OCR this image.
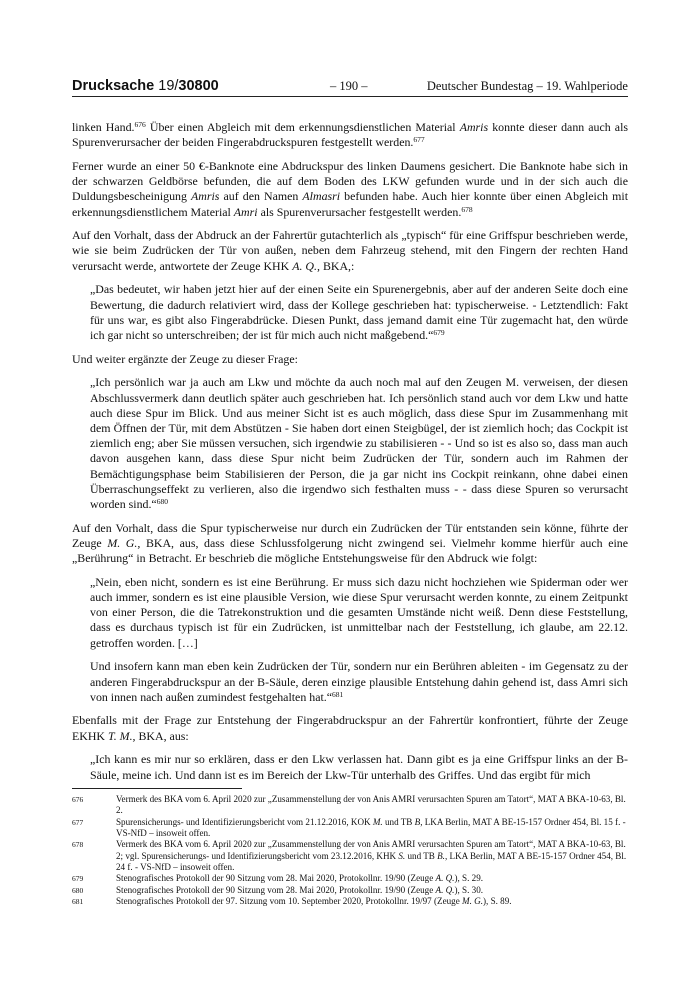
Drucksache 19/30800	– 190 –	Deutscher Bundestag – 19. Wahlperiode

linken Hand.$^{676}$ Über einen Abgleich mit dem erkennungsdienstlichen Material Amris konnte dieser dann auch als Spurenverursacher der beiden Fingerabdruckspuren festgestellt werden.$^{677}$

Ferner wurde an einer 50 €-Banknote eine Abdruckspur des linken Daumens gesichert. Die Banknote habe sich in der schwarzen Geldbörse befunden, die auf dem Boden des LKW gefunden wurde und in der sich auch die Duldungsbescheinigung Amris auf den Namen Almasri befunden habe. Auch hier konnte über einen Abgleich mit erkennungsdienstlichem Material Amri als Spurenverursacher festgestellt werden.$^{678}$

Auf den Vorhalt, dass der Abdruck an der Fahrertür gutachterlich als „typisch“ für eine Griffspur beschrieben werde, wie sie beim Zudrücken der Tür von außen, neben dem Fahrzeug stehend, mit den Fingern der rechten Hand verursacht werde, antwortete der Zeuge KHK A. Q., BKA,:

„Das bedeutet, wir haben jetzt hier auf der einen Seite ein Spurenergebnis, aber auf der anderen Seite doch eine Bewertung, die dadurch relativiert wird, dass der Kollege geschrieben hat: typischerweise. - Letztendlich: Fakt für uns war, es gibt also Fingerabdrücke. Diesen Punkt, dass jemand damit eine Tür zugemacht hat, den würde ich gar nicht so unterschreiben; der ist für mich auch nicht maßgebend.“$^{679}$

Und weiter ergänzte der Zeuge zu dieser Frage:

„Ich persönlich war ja auch am Lkw und möchte da auch noch mal auf den Zeugen M. verweisen, der diesen Abschlussvermerk dann deutlich später auch geschrieben hat. Ich persönlich stand auch vor dem Lkw und hatte auch diese Spur im Blick. Und aus meiner Sicht ist es auch möglich, dass diese Spur im Zusammenhang mit dem Öffnen der Tür, mit dem Abstützen - Sie haben dort einen Steigbügel, der ist ziemlich hoch; das Cockpit ist ziemlich eng; aber Sie müssen versuchen, sich irgendwie zu stabilisieren - - Und so ist es also so, dass man auch davon ausgehen kann, dass diese Spur nicht beim Zudrücken der Tür, sondern auch im Rahmen der Bemächtigungsphase beim Stabilisieren der Person, die ja gar nicht ins Cockpit reinkann, ohne dabei einen Überraschungseffekt zu verlieren, also die irgendwo sich festhalten muss - - dass diese Spuren so verursacht worden sind.“$^{680}$

Auf den Vorhalt, dass die Spur typischerweise nur durch ein Zudrücken der Tür entstanden sein könne, führte der Zeuge M. G., BKA, aus, dass diese Schlussfolgerung nicht zwingend sei. Vielmehr komme hierfür auch eine „Berührung“ in Betracht. Er beschrieb die mögliche Entstehungsweise für den Abdruck wie folgt:

„Nein, eben nicht, sondern es ist eine Berührung. Er muss sich dazu nicht hochziehen wie Spiderman oder wer auch immer, sondern es ist eine plausible Version, wie diese Spur verursacht werden konnte, zu einem Zeitpunkt von einer Person, die die Tatrekonstruktion und die gesamten Umstände nicht weiß. Denn diese Feststellung, dass es durchaus typisch ist für ein Zudrücken, ist unmittelbar nach der Feststellung, ich glaube, am 22.12. getroffen worden. […]

Und insofern kann man eben kein Zudrücken der Tür, sondern nur ein Berühren ableiten - im Gegensatz zu der anderen Fingerabdruckspur an der B-Säule, deren einzige plausible Entstehung dahin gehend ist, dass Amri sich von innen nach außen zumindest festgehalten hat.“$^{681}$

Ebenfalls mit der Frage zur Entstehung der Fingerabdruckspur an der Fahrertür konfrontiert, führte der Zeuge EKHK T. M., BKA, aus:

„Ich kann es mir nur so erklären, dass er den Lkw verlassen hat. Dann gibt es ja eine Griffspur links an der B-Säule, meine ich. Und dann ist es im Bereich der Lkw-Tür unterhalb des Griffes. Und das ergibt für mich

676	Vermerk des BKA vom 6. April 2020 zur „Zusammenstellung der von Anis AMRI verursachten Spuren am Tatort“, MAT A BKA-10-63, Bl. 2.
677	Spurensicherungs- und Identifizierungsbericht vom 21.12.2016, KOK M. und TB B, LKA Berlin, MAT A BE-15-157 Ordner 454, Bl. 15 f. - VS-NfD – insoweit offen.
678	Vermerk des BKA vom 6. April 2020 zur „Zusammenstellung der von Anis AMRI verursachten Spuren am Tatort“, MAT A BKA-10-63, Bl. 2; vgl. Spurensicherungs- und Identifizierungsbericht vom 23.12.2016, KHK S. und TB B., LKA Berlin, MAT A BE-15-157 Ordner 454, Bl. 24 f. - VS-NfD – insoweit offen.
679	Stenografisches Protokoll der 90 Sitzung vom 28. Mai 2020, Protokollnr. 19/90 (Zeuge A. Q.), S. 29.
680	Stenografisches Protokoll der 90 Sitzung vom 28. Mai 2020, Protokollnr. 19/90 (Zeuge A. Q.), S. 30.
681	Stenografisches Protokoll der 97. Sitzung vom 10. September 2020, Protokollnr. 19/97 (Zeuge M. G.), S. 89.
